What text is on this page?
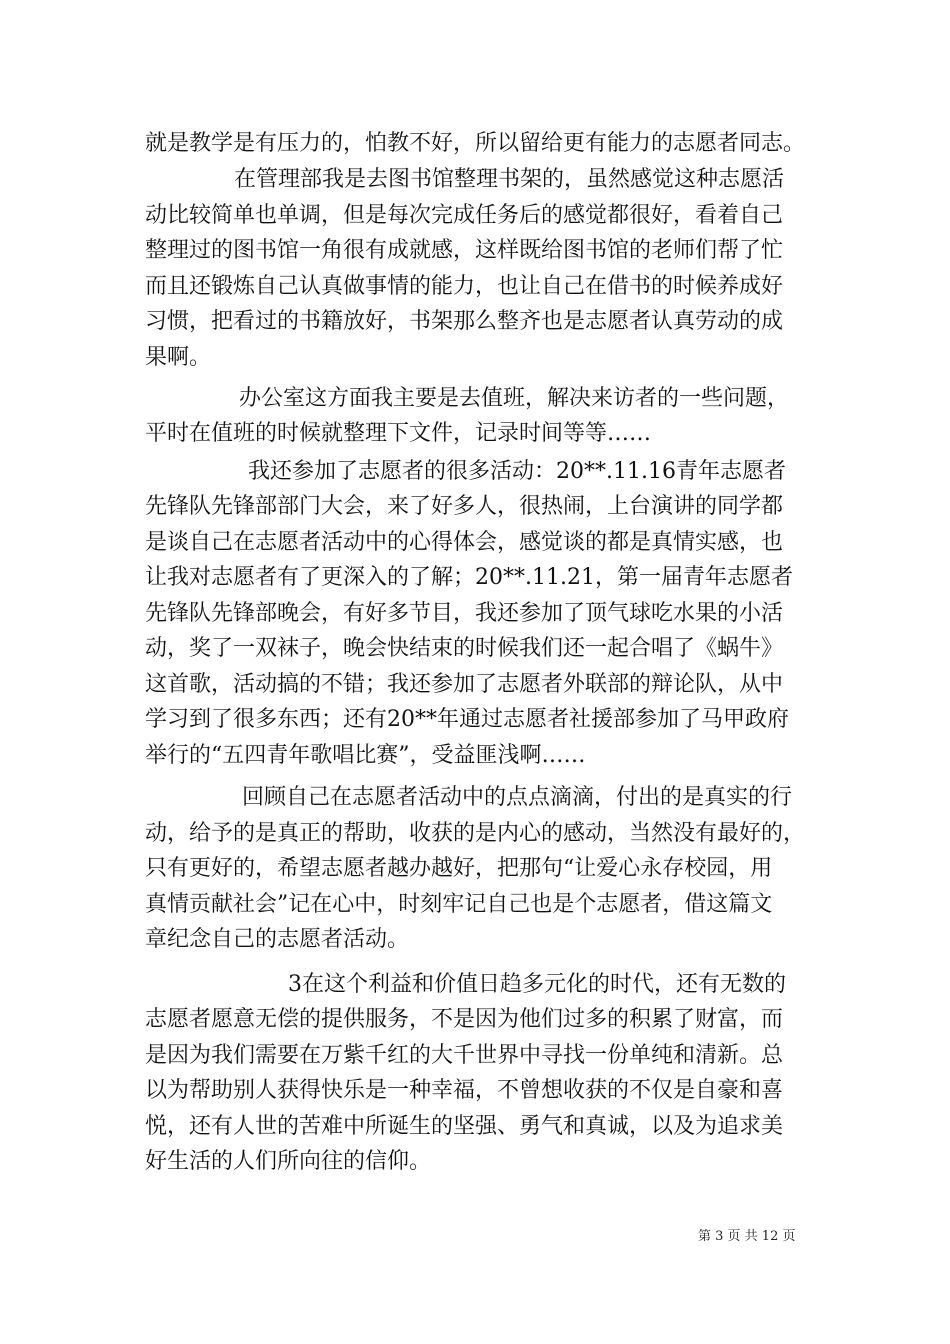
就是教学是有压力的，怕教不好，所以留给更有能力的志愿者同志。
在管理部我是去图书馆整理书架的，虽然感觉这种志愿活
动比较简单也单调，但是每次完成任务后的感觉都很好，看着自己
整理过的图书馆一角很有成就感，这样既给图书馆的老师们帮了忙
而且还锻炼自己认真做事情的能力，也让自己在借书的时候养成好
习惯，把看过的书籍放好，书架那么整齐也是志愿者认真劳动的成
果啊。
办公室这方面我主要是去值班，解决来访者的一些问题，
平时在值班的时候就整理下文件，记录时间等等……
我还参加了志愿者的很多活动：20**.11.16青年志愿者
先锋队先锋部部门大会，来了好多人，很热闹，上台演讲的同学都
是谈自己在志愿者活动中的心得体会，感觉谈的都是真情实感，也
让我对志愿者有了更深入的了解；20**.11.21，第一届青年志愿者
先锋队先锋部晚会，有好多节目，我还参加了顶气球吃水果的小活
动，奖了一双袜子，晚会快结束的时候我们还一起合唱了《蜗牛》
这首歌，活动搞的不错；我还参加了志愿者外联部的辩论队，从中
学习到了很多东西；还有20**年通过志愿者社援部参加了马甲政府
举行的“五四青年歌唱比赛”，受益匪浅啊……
回顾自己在志愿者活动中的点点滴滴，付出的是真实的行
动，给予的是真正的帮助，收获的是内心的感动，当然没有最好的，
只有更好的，希望志愿者越办越好，把那句“让爱心永存校园，用
真情贡献社会”记在心中，时刻牢记自己也是个志愿者，借这篇文
章纪念自己的志愿者活动。
3在这个利益和价值日趋多元化的时代，还有无数的
志愿者愿意无偿的提供服务，不是因为他们过多的积累了财富，而
是因为我们需要在万紫千红的大千世界中寻找一份单纯和清新。总
以为帮助别人获得快乐是一种幸福，不曾想收获的不仅是自豪和喜
悦，还有人世的苦难中所诞生的坚强、勇气和真诚，以及为追求美
好生活的人们所向往的信仰。
第 3 页 共 12 页
